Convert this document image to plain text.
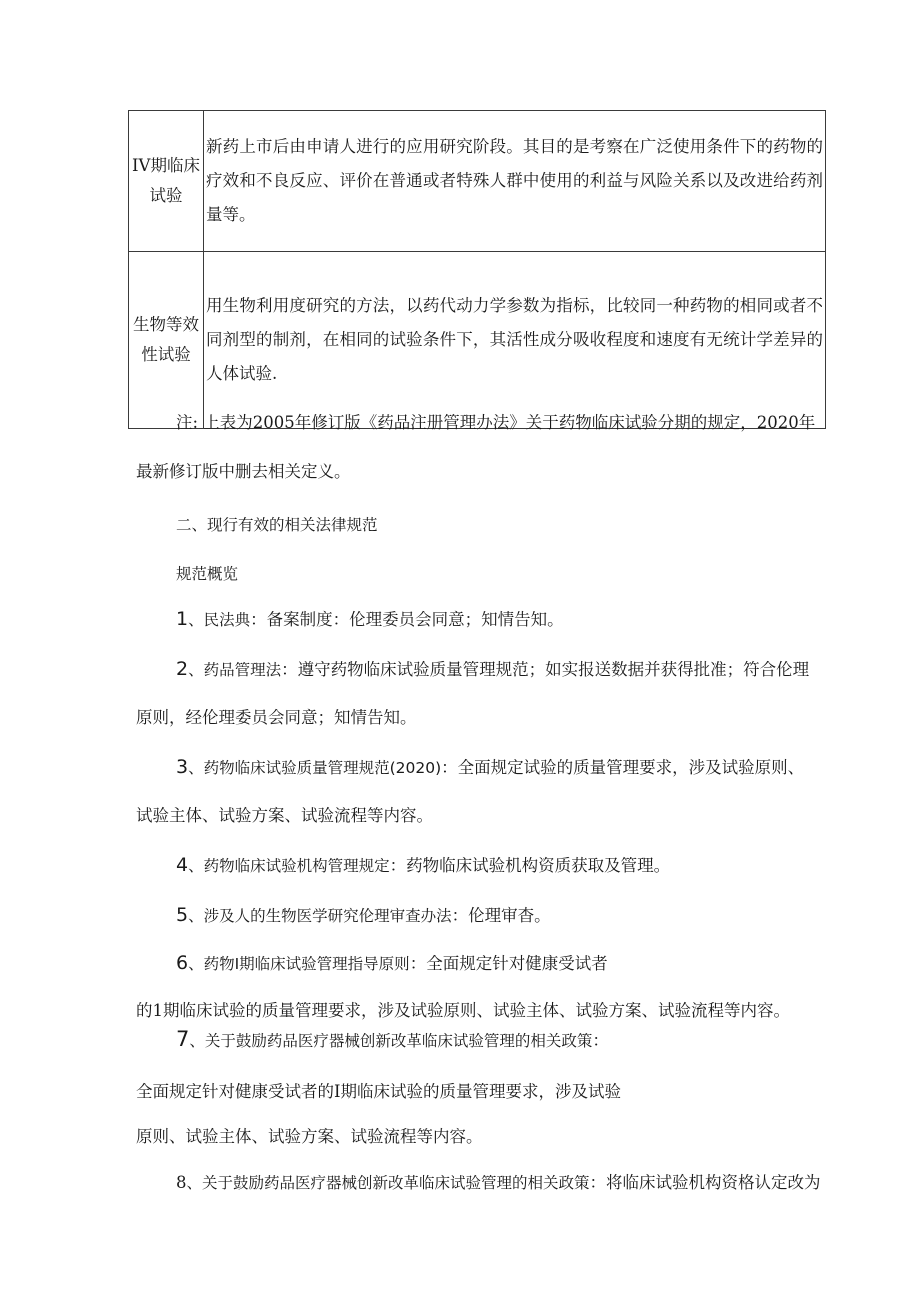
IV期临床试验	新药上市后由申请人进行的应用研究阶段。其目的是考察在广泛使用条件下的药物的疗效和不良反应、评价在普通或者特殊人群中使用的利益与风险关系以及改进给药剂量等。
生物等效性试验	用生物利用度研究的方法，以药代动力学参数为指标，比较同一种药物的相同或者不同剂型的制剂，在相同的试验条件下，其活性成分吸收程度和速度有无统计学差异的人体试验.
注: 上表为2005年修订版《药品注册管理办法》关于药物临床试验分期的规定，2020年
最新修订版中删去相关定义。
二、现行有效的相关法律规范
规范概览
1、民法典：备案制度：伦理委员会同意；知情告知。
2、药品管理法：遵守药物临床试验质量管理规范；如实报送数据并获得批准；符合伦理
原则，经伦理委员会同意；知情告知。
3、药物临床试验质量管理规范(2020)：全面规定试验的质量管理要求，涉及试验原则、
试验主体、试验方案、试验流程等内容。
4、药物临床试验机构管理规定：药物临床试验机构资质获取及管理。
5、涉及人的生物医学研究伦理审查办法：伦理审杳。
6、药物I期临床试验管理指导原则：全面规定针对健康受试者
的1期临床试验的质量管理要求，涉及试验原则、试验主体、试验方案、试验流程等内容。
7、关于鼓励药品医疗器械创新改革临床试验管理的相关政策：
全面规定针对健康受试者的I期临床试验的质量管理要求，涉及试验
原则、试验主体、试验方案、试验流程等内容。
8、关于鼓励药品医疗器械创新改革临床试验管理的相关政策：将临床试验机构资格认定改为
